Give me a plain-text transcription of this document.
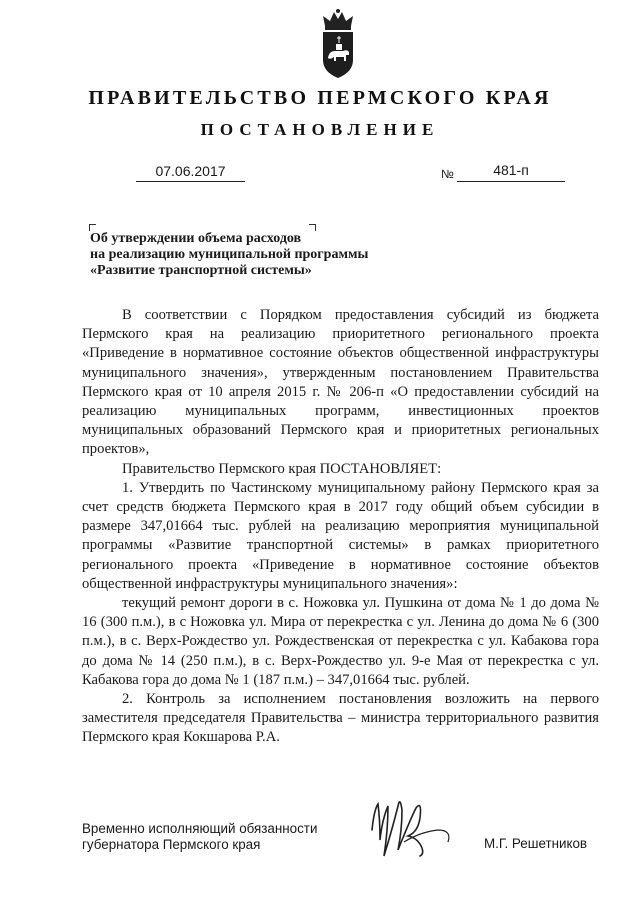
ПРАВИТЕЛЬСТВО ПЕРМСКОГО КРАЯ
ПОСТАНОВЛЕНИЕ
07.06.2017	№	481-п
Об утверждении объема расходов
на реализацию муниципальной программы
«Развитие транспортной системы»

В соответствии с Порядком предоставления субсидий из бюджета Пермского края на реализацию приоритетного регионального проекта «Приведение в нормативное состояние объектов общественной инфраструктуры муниципального значения», утвержденным постановлением Правительства Пермского края от 10 апреля 2015 г. № 206-п «О предоставлении субсидий на реализацию муниципальных программ, инвестиционных проектов муниципальных образований Пермского края и приоритетных региональных проектов»,

Правительство Пермского края ПОСТАНОВЛЯЕТ:

1. Утвердить по Частинскому муниципальному району Пермского края за счет средств бюджета Пермского края в 2017 году общий объем субсидии в размере 347,01664 тыс. рублей на реализацию мероприятия муниципальной программы «Развитие транспортной системы» в рамках приоритетного регионального проекта «Приведение в нормативное состояние объектов общественной инфраструктуры муниципального значения»:

текущий ремонт дороги в с. Ножовка ул. Пушкина от дома № 1 до дома № 16 (300 п.м.), в с Ножовка ул. Мира от перекрестка с ул. Ленина до дома № 6 (300 п.м.), в с. Верх-Рождество ул. Рождественская от перекрестка с ул. Кабакова гора до дома № 14 (250 п.м.), в с. Верх-Рождество ул. 9-е Мая от перекрестка с ул. Кабакова гора до дома № 1 (187 п.м.) – 347,01664 тыс. рублей.

2. Контроль за исполнением постановления возложить на первого заместителя председателя Правительства – министра территориального развития Пермского края Кокшарова Р.А.

Временно исполняющий обязанности
губернатора Пермского края	М.Г. Решетников
